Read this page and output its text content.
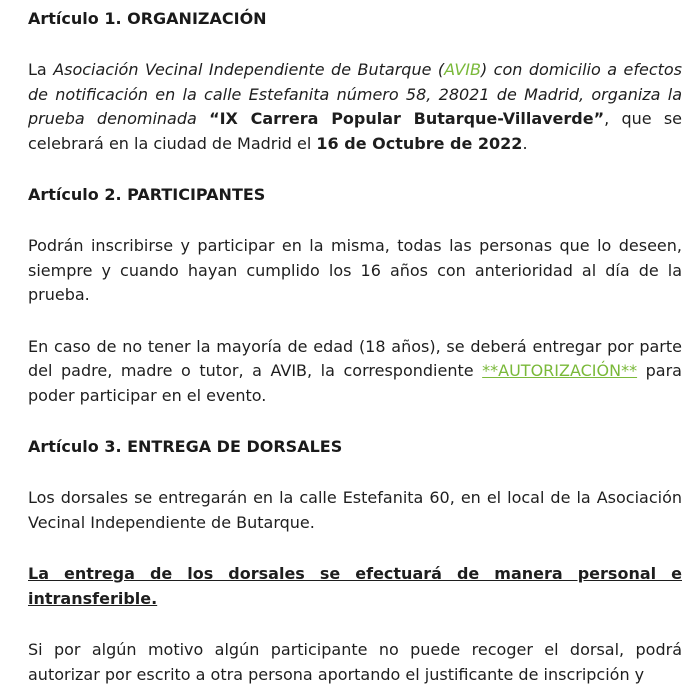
Artículo 1. ORGANIZACIÓN

La Asociación Vecinal Independiente de Butarque (AVIB) con domicilio a efectos de notificación en la calle Estefanita número 58, 28021 de Madrid, organiza la prueba denominada “IX Carrera Popular Butarque-Villaverde”, que se celebrará en la ciudad de Madrid el 16 de Octubre de 2022.

Artículo 2. PARTICIPANTES

Podrán inscribirse y participar en la misma, todas las personas que lo deseen, siempre y cuando hayan cumplido los 16 años con anterioridad al día de la prueba.

En caso de no tener la mayoría de edad (18 años), se deberá entregar por parte del padre, madre o tutor, a AVIB, la correspondiente **AUTORIZACIÓN** para poder participar en el evento.

Artículo 3. ENTREGA DE DORSALES

Los dorsales se entregarán en la calle Estefanita 60, en el local de la Asociación Vecinal Independiente de Butarque.

La entrega de los dorsales se efectuará de manera personal e intransferible.

Si por algún motivo algún participante no puede recoger el dorsal, podrá autorizar por escrito a otra persona aportando el justificante de inscripción y
